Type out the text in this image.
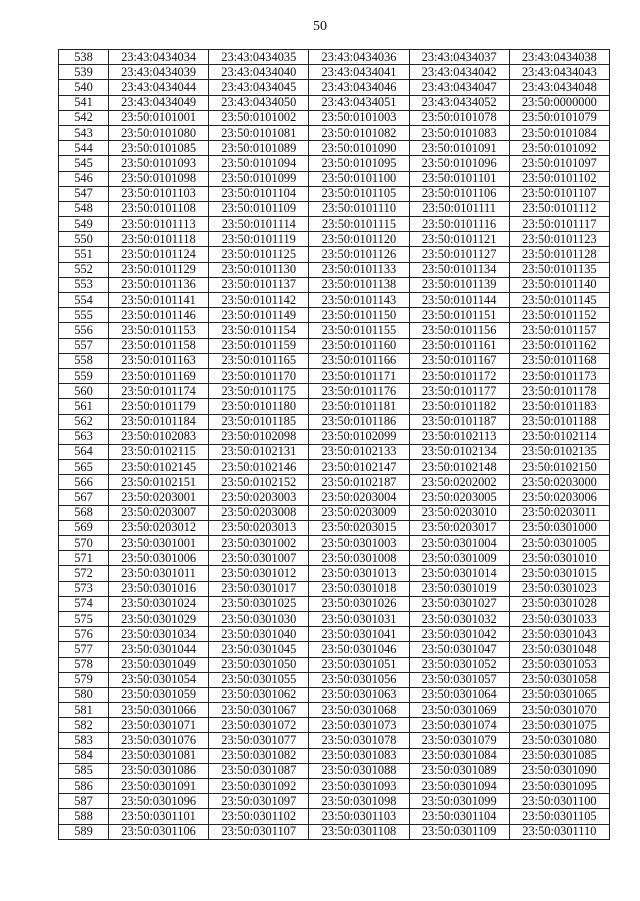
50
538	23:43:0434034	23:43:0434035	23:43:0434036	23:43:0434037	23:43:0434038
539	23:43:0434039	23:43:0434040	23:43:0434041	23:43:0434042	23:43:0434043
540	23:43:0434044	23:43:0434045	23:43:0434046	23:43:0434047	23:43:0434048
541	23:43:0434049	23:43:0434050	23:43:0434051	23:43:0434052	23:50:0000000
542	23:50:0101001	23:50:0101002	23:50:0101003	23:50:0101078	23:50:0101079
543	23:50:0101080	23:50:0101081	23:50:0101082	23:50:0101083	23:50:0101084
544	23:50:0101085	23:50:0101089	23:50:0101090	23:50:0101091	23:50:0101092
545	23:50:0101093	23:50:0101094	23:50:0101095	23:50:0101096	23:50:0101097
546	23:50:0101098	23:50:0101099	23:50:0101100	23:50:0101101	23:50:0101102
547	23:50:0101103	23:50:0101104	23:50:0101105	23:50:0101106	23:50:0101107
548	23:50:0101108	23:50:0101109	23:50:0101110	23:50:0101111	23:50:0101112
549	23:50:0101113	23:50:0101114	23:50:0101115	23:50:0101116	23:50:0101117
550	23:50:0101118	23:50:0101119	23:50:0101120	23:50:0101121	23:50:0101123
551	23:50:0101124	23:50:0101125	23:50:0101126	23:50:0101127	23:50:0101128
552	23:50:0101129	23:50:0101130	23:50:0101133	23:50:0101134	23:50:0101135
553	23:50:0101136	23:50:0101137	23:50:0101138	23:50:0101139	23:50:0101140
554	23:50:0101141	23:50:0101142	23:50:0101143	23:50:0101144	23:50:0101145
555	23:50:0101146	23:50:0101149	23:50:0101150	23:50:0101151	23:50:0101152
556	23:50:0101153	23:50:0101154	23:50:0101155	23:50:0101156	23:50:0101157
557	23:50:0101158	23:50:0101159	23:50:0101160	23:50:0101161	23:50:0101162
558	23:50:0101163	23:50:0101165	23:50:0101166	23:50:0101167	23:50:0101168
559	23:50:0101169	23:50:0101170	23:50:0101171	23:50:0101172	23:50:0101173
560	23:50:0101174	23:50:0101175	23:50:0101176	23:50:0101177	23:50:0101178
561	23:50:0101179	23:50:0101180	23:50:0101181	23:50:0101182	23:50:0101183
562	23:50:0101184	23:50:0101185	23:50:0101186	23:50:0101187	23:50:0101188
563	23:50:0102083	23:50:0102098	23:50:0102099	23:50:0102113	23:50:0102114
564	23:50:0102115	23:50:0102131	23:50:0102133	23:50:0102134	23:50:0102135
565	23:50:0102145	23:50:0102146	23:50:0102147	23:50:0102148	23:50:0102150
566	23:50:0102151	23:50:0102152	23:50:0102187	23:50:0202002	23:50:0203000
567	23:50:0203001	23:50:0203003	23:50:0203004	23:50:0203005	23:50:0203006
568	23:50:0203007	23:50:0203008	23:50:0203009	23:50:0203010	23:50:0203011
569	23:50:0203012	23:50:0203013	23:50:0203015	23:50:0203017	23:50:0301000
570	23:50:0301001	23:50:0301002	23:50:0301003	23:50:0301004	23:50:0301005
571	23:50:0301006	23:50:0301007	23:50:0301008	23:50:0301009	23:50:0301010
572	23:50:0301011	23:50:0301012	23:50:0301013	23:50:0301014	23:50:0301015
573	23:50:0301016	23:50:0301017	23:50:0301018	23:50:0301019	23:50:0301023
574	23:50:0301024	23:50:0301025	23:50:0301026	23:50:0301027	23:50:0301028
575	23:50:0301029	23:50:0301030	23:50:0301031	23:50:0301032	23:50:0301033
576	23:50:0301034	23:50:0301040	23:50:0301041	23:50:0301042	23:50:0301043
577	23:50:0301044	23:50:0301045	23:50:0301046	23:50:0301047	23:50:0301048
578	23:50:0301049	23:50:0301050	23:50:0301051	23:50:0301052	23:50:0301053
579	23:50:0301054	23:50:0301055	23:50:0301056	23:50:0301057	23:50:0301058
580	23:50:0301059	23:50:0301062	23:50:0301063	23:50:0301064	23:50:0301065
581	23:50:0301066	23:50:0301067	23:50:0301068	23:50:0301069	23:50:0301070
582	23:50:0301071	23:50:0301072	23:50:0301073	23:50:0301074	23:50:0301075
583	23:50:0301076	23:50:0301077	23:50:0301078	23:50:0301079	23:50:0301080
584	23:50:0301081	23:50:0301082	23:50:0301083	23:50:0301084	23:50:0301085
585	23:50:0301086	23:50:0301087	23:50:0301088	23:50:0301089	23:50:0301090
586	23:50:0301091	23:50:0301092	23:50:0301093	23:50:0301094	23:50:0301095
587	23:50:0301096	23:50:0301097	23:50:0301098	23:50:0301099	23:50:0301100
588	23:50:0301101	23:50:0301102	23:50:0301103	23:50:0301104	23:50:0301105
589	23:50:0301106	23:50:0301107	23:50:0301108	23:50:0301109	23:50:0301110
